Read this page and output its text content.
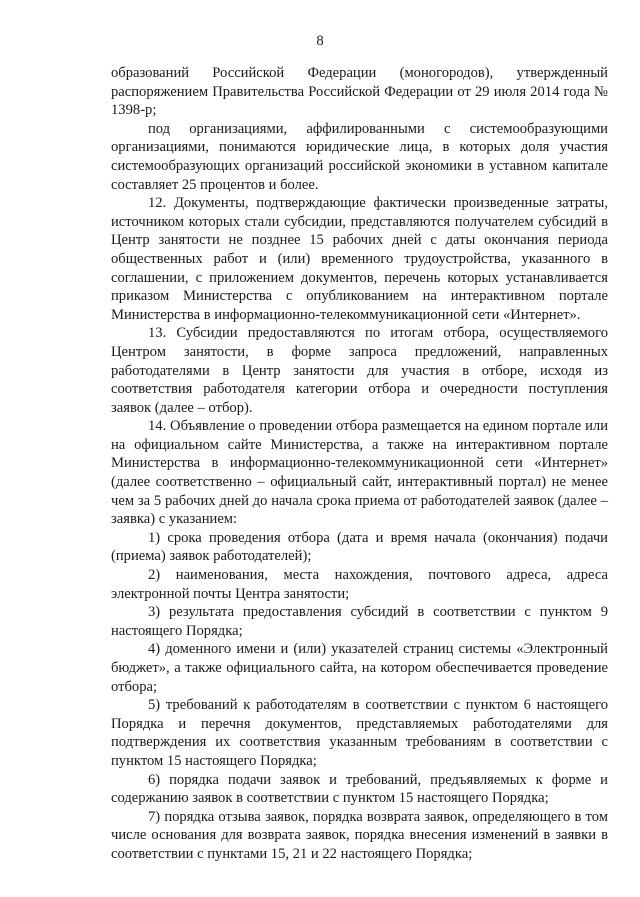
8

образований Российской Федерации (моногородов), утвержденный распоряжением Правительства Российской Федерации от 29 июля 2014 года № 1398-р;

под организациями, аффилированными с системообразующими организациями, понимаются юридические лица, в которых доля участия системообразующих организаций российской экономики в уставном капитале составляет 25 процентов и более.

12. Документы, подтверждающие фактически произведенные затраты, источником которых стали субсидии, представляются получателем субсидий в Центр занятости не позднее 15 рабочих дней с даты окончания периода общественных работ и (или) временного трудоустройства, указанного в соглашении, с приложением документов, перечень которых устанавливается приказом Министерства с опубликованием на интерактивном портале Министерства в информационно-телекоммуникационной сети «Интернет».

13. Субсидии предоставляются по итогам отбора, осуществляемого Центром занятости, в форме запроса предложений, направленных работодателями в Центр занятости для участия в отборе, исходя из соответствия работодателя категории отбора и очередности поступления заявок (далее – отбор).

14. Объявление о проведении отбора размещается на едином портале или на официальном сайте Министерства, а также на интерактивном портале Министерства в информационно-телекоммуникационной сети «Интернет» (далее соответственно – официальный сайт, интерактивный портал) не менее чем за 5 рабочих дней до начала срока приема от работодателей заявок (далее – заявка) с указанием:

1) срока проведения отбора (дата и время начала (окончания) подачи (приема) заявок работодателей);

2) наименования, места нахождения, почтового адреса, адреса электронной почты Центра занятости;

3) результата предоставления субсидий в соответствии с пунктом 9 настоящего Порядка;

4) доменного имени и (или) указателей страниц системы «Электронный бюджет», а также официального сайта, на котором обеспечивается проведение отбора;

5) требований к работодателям в соответствии с пунктом 6 настоящего Порядка и перечня документов, представляемых работодателями для подтверждения их соответствия указанным требованиям в соответствии с пунктом 15 настоящего Порядка;

6) порядка подачи заявок и требований, предъявляемых к форме и содержанию заявок в соответствии с пунктом 15 настоящего Порядка;

7) порядка отзыва заявок, порядка возврата заявок, определяющего в том числе основания для возврата заявок, порядка внесения изменений в заявки в соответствии с пунктами 15, 21 и 22 настоящего Порядка;
